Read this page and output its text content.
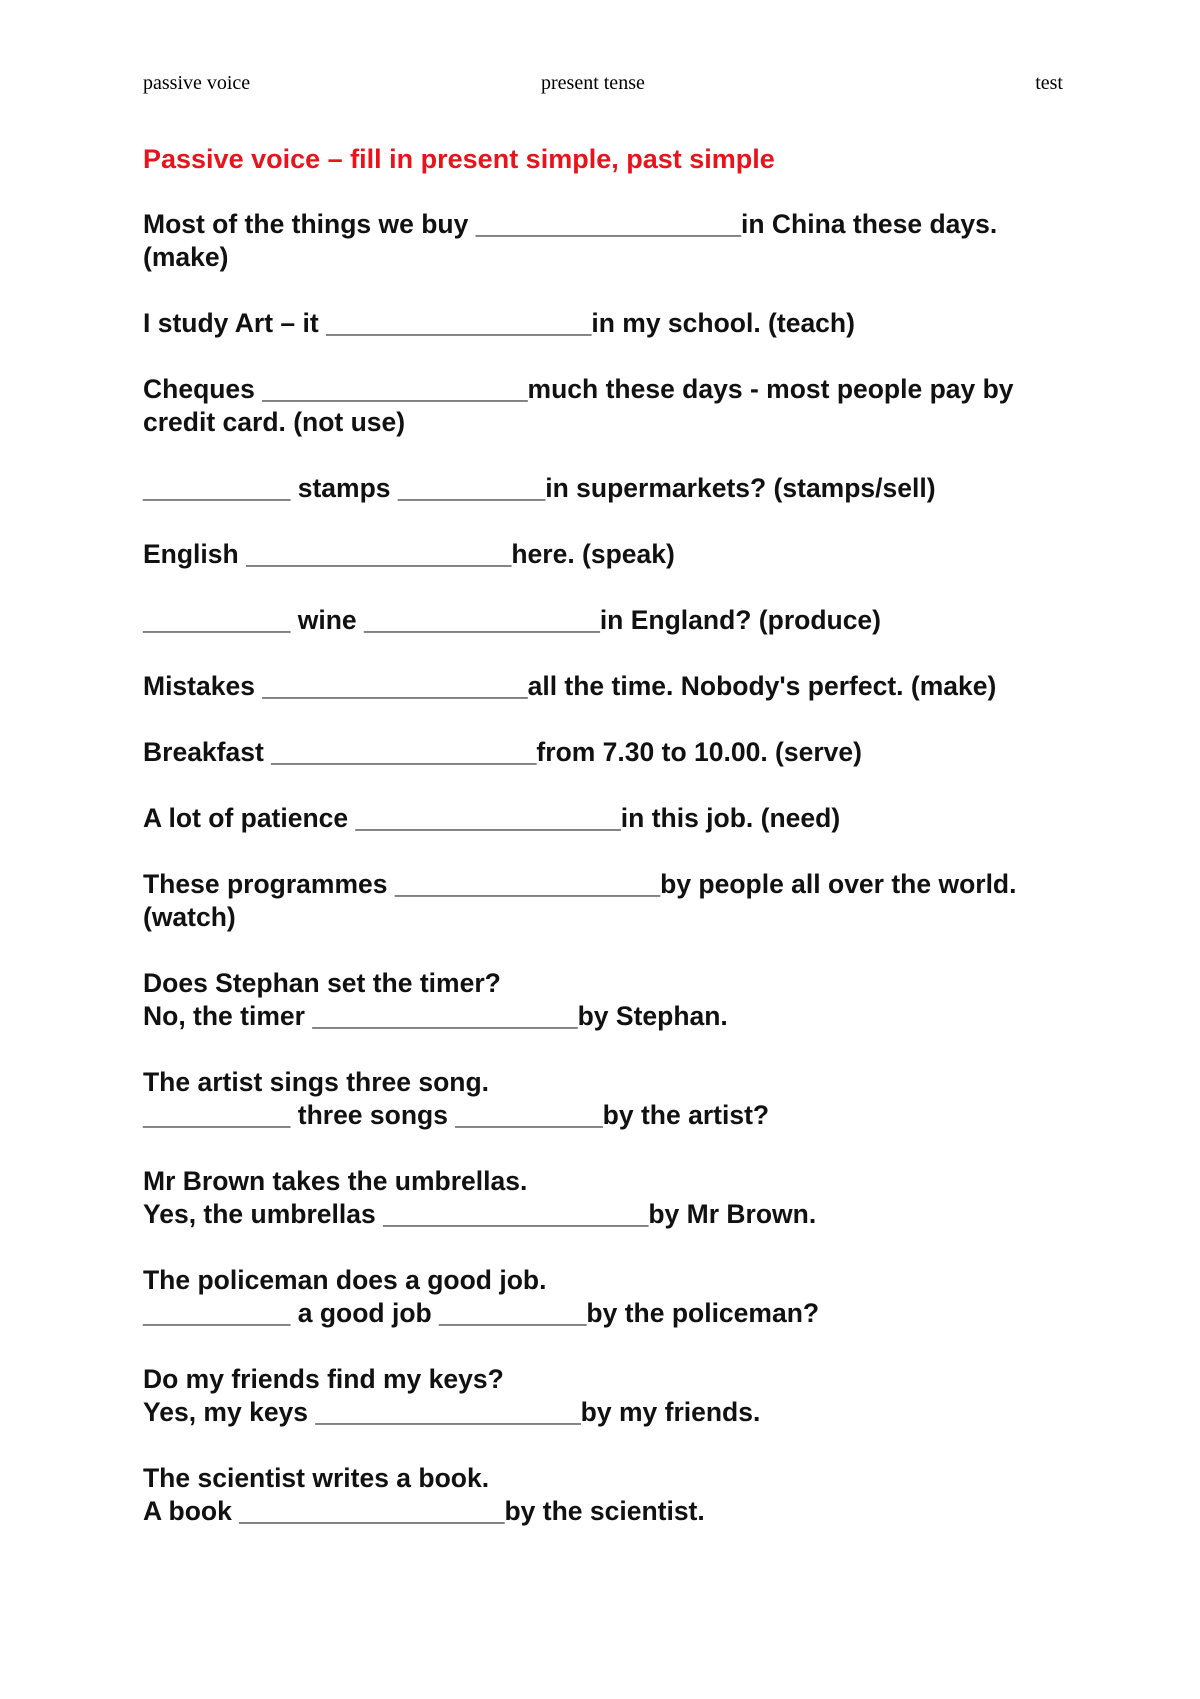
passive voice	present tense	test
Passive voice – fill in present simple, past simple
Most of the things we buy __________________in China these days. (make)
I study Art – it __________________in my school. (teach)
Cheques __________________much these days - most people pay by credit card. (not use)
__________ stamps __________in supermarkets? (stamps/sell)
English __________________here. (speak)
__________ wine ________________in England? (produce)
Mistakes __________________all the time. Nobody's perfect. (make)
Breakfast __________________from 7.30 to 10.00. (serve)
A lot of patience __________________in this job. (need)
These programmes __________________by people all over the world. (watch)
Does Stephan set the timer?
No, the timer __________________by Stephan.
The artist sings three song.
__________ three songs __________by the artist?
Mr Brown takes the umbrellas.
Yes, the umbrellas __________________by Mr Brown.
The policeman does a good job.
__________ a good job __________by the policeman?
Do my friends find my keys?
Yes, my keys __________________by my friends.
The scientist writes a book.
A book __________________by the scientist.
